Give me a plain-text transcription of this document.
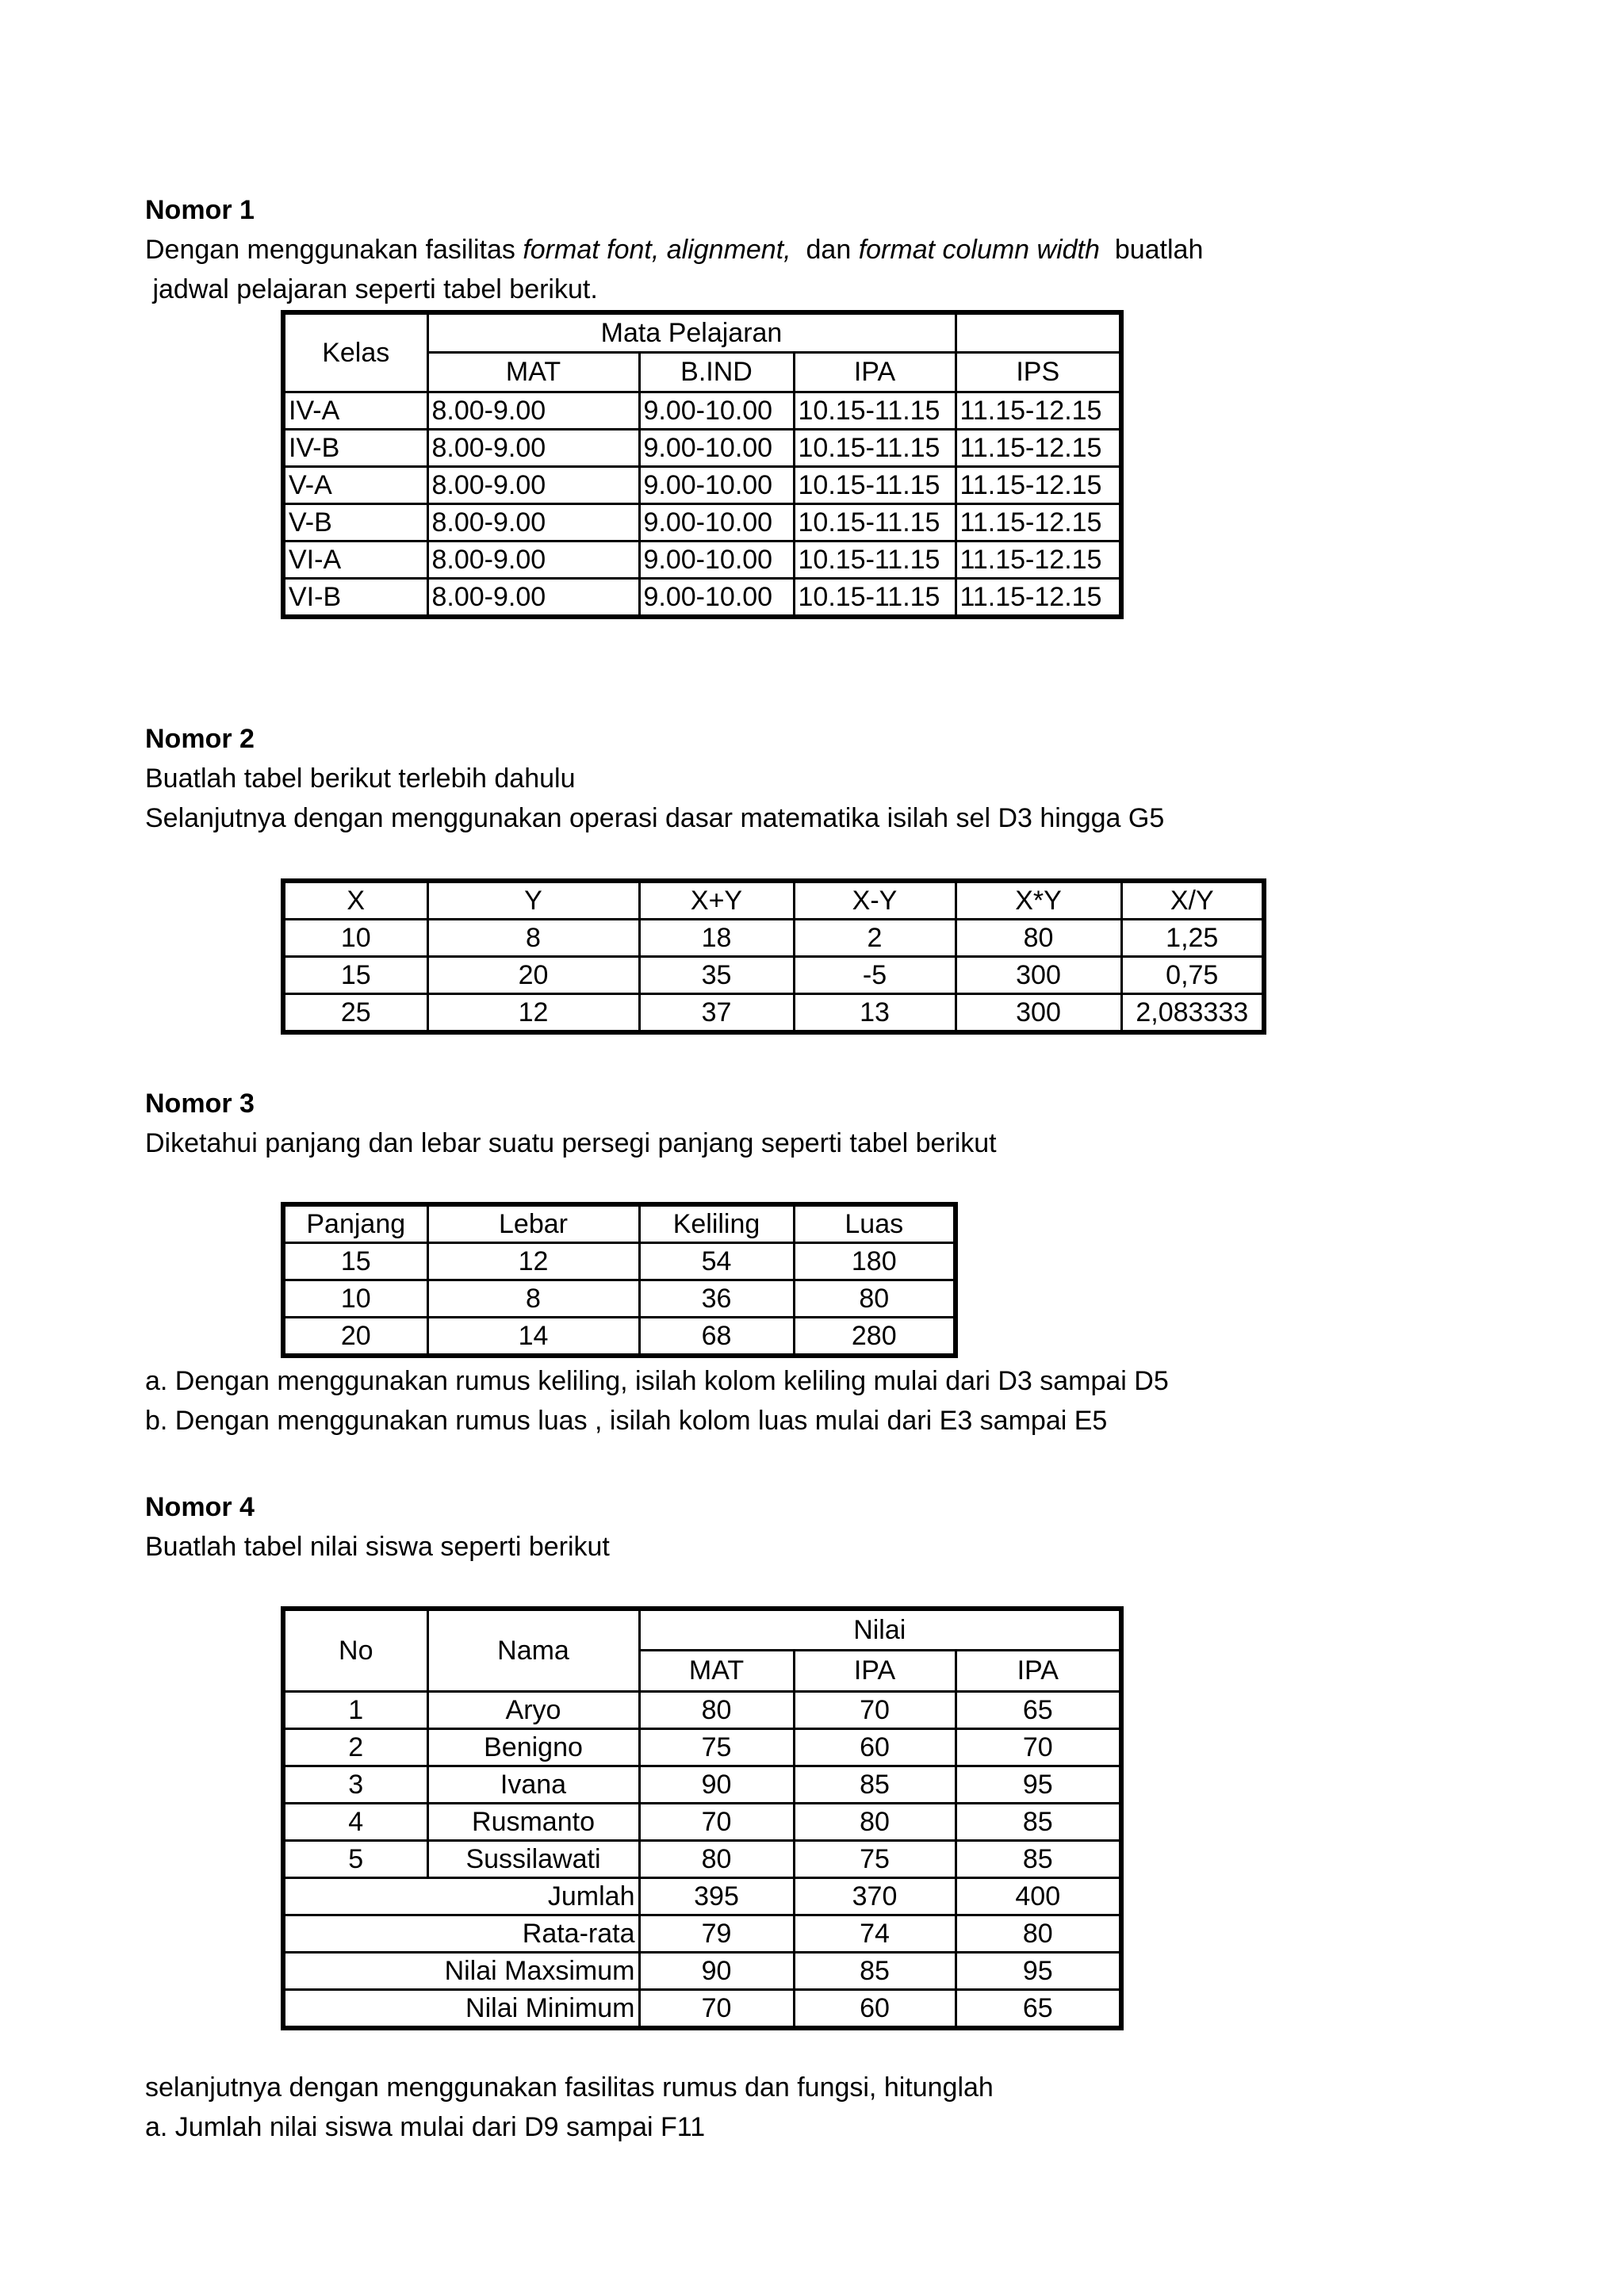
Nomor 1
Dengan menggunakan fasilitas format font, alignment,  dan format column width  buatlah
jadwal pelajaran seperti tabel berikut.
Kelas	Mata Pelajaran			
	MAT	B.IND	IPA	IPS
IV-A	8.00-9.00	9.00-10.00	10.15-11.15	11.15-12.15
IV-B	8.00-9.00	9.00-10.00	10.15-11.15	11.15-12.15
V-A	8.00-9.00	9.00-10.00	10.15-11.15	11.15-12.15
V-B	8.00-9.00	9.00-10.00	10.15-11.15	11.15-12.15
VI-A	8.00-9.00	9.00-10.00	10.15-11.15	11.15-12.15
VI-B	8.00-9.00	9.00-10.00	10.15-11.15	11.15-12.15
Nomor 2
Buatlah tabel berikut terlebih dahulu
Selanjutnya dengan menggunakan operasi dasar matematika isilah sel D3 hingga G5
X	Y	X+Y	X-Y	X*Y	X/Y
10	8	18	2	80	1,25
15	20	35	-5	300	0,75
25	12	37	13	300	2,083333
Nomor 3
Diketahui panjang dan lebar suatu persegi panjang seperti tabel berikut
Panjang	Lebar	Keliling	Luas
15	12	54	180
10	8	36	80
20	14	68	280
a. Dengan menggunakan rumus keliling, isilah kolom keliling mulai dari D3 sampai D5
b. Dengan menggunakan rumus luas , isilah kolom luas mulai dari E3 sampai E5
Nomor 4
Buatlah tabel nilai siswa seperti berikut
No	Nama	Nilai		
		MAT	IPA	IPA
1	Aryo	80	70	65
2	Benigno	75	60	70
3	Ivana	90	85	95
4	Rusmanto	70	80	85
5	Sussilawati	80	75	85
Jumlah		395	370	400
Rata-rata		79	74	80
Nilai Maxsimum		90	85	95
Nilai Minimum		70	60	65
selanjutnya dengan menggunakan fasilitas rumus dan fungsi, hitunglah
a. Jumlah nilai siswa mulai dari D9 sampai F11
